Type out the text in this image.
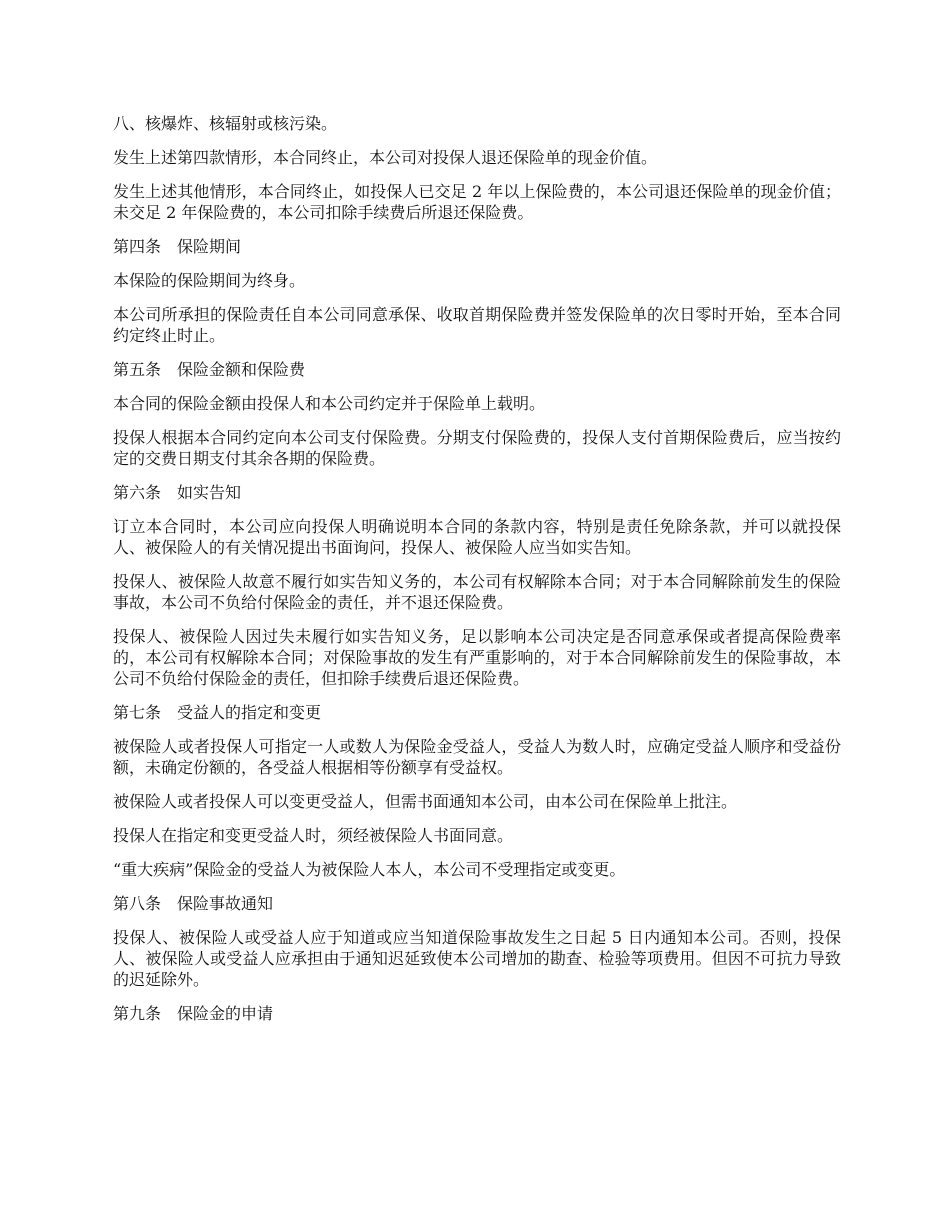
八、核爆炸、核辐射或核污染。

发生上述第四款情形，本合同终止，本公司对投保人退还保险单的现金价值。

发生上述其他情形，本合同终止，如投保人已交足 2 年以上保险费的，本公司退还保险单的现金价值；未交足 2 年保险费的，本公司扣除手续费后所退还保险费。

第四条　保险期间

本保险的保险期间为终身。

本公司所承担的保险责任自本公司同意承保、收取首期保险费并签发保险单的次日零时开始，至本合同约定终止时止。

第五条　保险金额和保险费

本合同的保险金额由投保人和本公司约定并于保险单上载明。

投保人根据本合同约定向本公司支付保险费。分期支付保险费的，投保人支付首期保险费后，应当按约定的交费日期支付其余各期的保险费。

第六条　如实告知

订立本合同时，本公司应向投保人明确说明本合同的条款内容，特别是责任免除条款，并可以就投保人、被保险人的有关情况提出书面询问，投保人、被保险人应当如实告知。

投保人、被保险人故意不履行如实告知义务的，本公司有权解除本合同；对于本合同解除前发生的保险事故，本公司不负给付保险金的责任，并不退还保险费。

投保人、被保险人因过失未履行如实告知义务，足以影响本公司决定是否同意承保或者提高保险费率的，本公司有权解除本合同；对保险事故的发生有严重影响的，对于本合同解除前发生的保险事故，本公司不负给付保险金的责任，但扣除手续费后退还保险费。

第七条　受益人的指定和变更

被保险人或者投保人可指定一人或数人为保险金受益人，受益人为数人时，应确定受益人顺序和受益份额，未确定份额的，各受益人根据相等份额享有受益权。

被保险人或者投保人可以变更受益人，但需书面通知本公司，由本公司在保险单上批注。

投保人在指定和变更受益人时，须经被保险人书面同意。

“重大疾病”保险金的受益人为被保险人本人，本公司不受理指定或变更。

第八条　保险事故通知

投保人、被保险人或受益人应于知道或应当知道保险事故发生之日起 5 日内通知本公司。否则，投保人、被保险人或受益人应承担由于通知迟延致使本公司增加的勘查、检验等项费用。但因不可抗力导致的迟延除外。

第九条　保险金的申请
